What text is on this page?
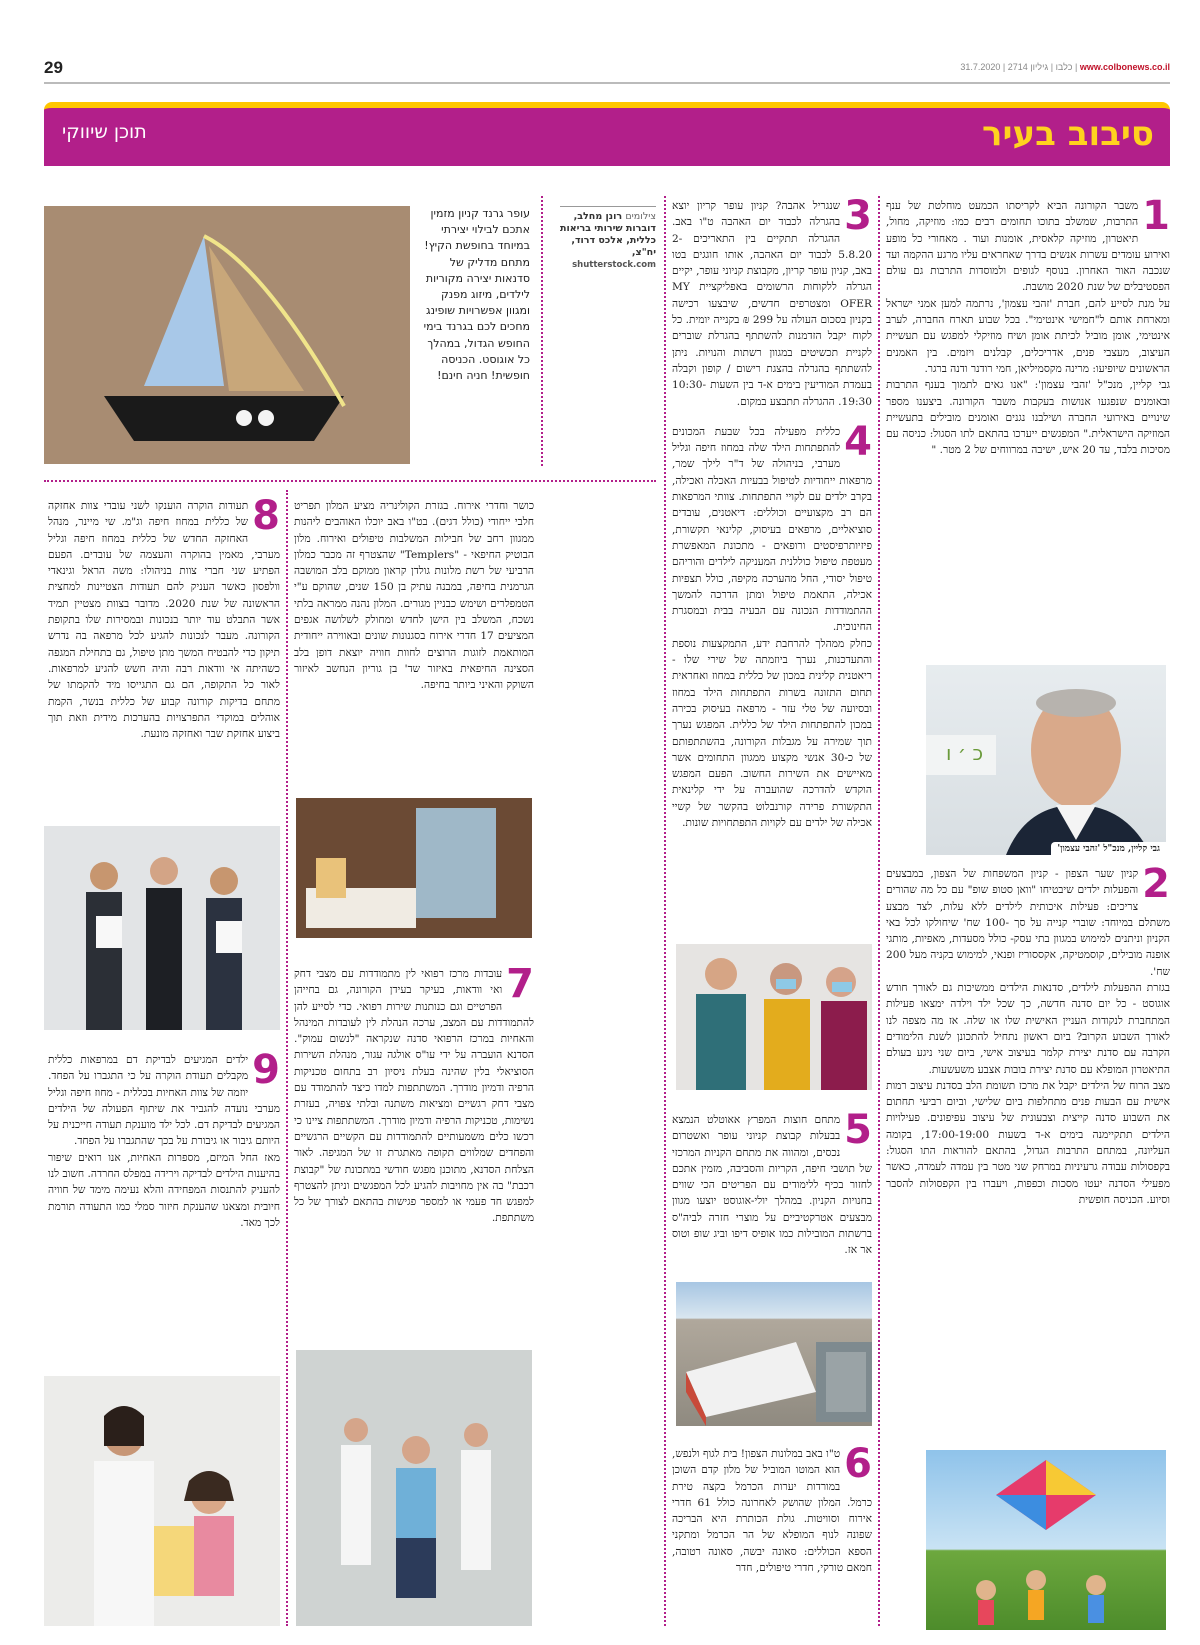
29	www.colbonews.co.il | כלבו | גיליון 2714 | 31.7.2020
סיבוב בעיר
תוכן שיווקי
1

משבר הקורונה הביא לקריסתו הכמעט מוחלטת של ענף התרבות, שמשלב בתוכו תחומים רבים כמו: מוזיקה, מחול, תיאטרון, מוזיקה קלאסית, אומנות ועוד . מאחורי כל מופע ואירוע עומדים עשרות אנשים בדרך שאחראים עליו מרגע ההקמה ועד שנכבה האור האחרון. בנוסף לגופים ולמוסדות התרבות גם עולם הפסטיבלים של שנת 2020 מושבת.

על מנת לסייע להם, חברת 'זהבי עצמון', נרתמה למען אמני ישראל ומארחת אותם ל"חמישי אינטימי". בכל שבוע תארח החברה, לערב אינטימי, אומן מוביל לכיתת אומן ושיח מוזיקלי למפגש עם תעשיית העיצוב, מעצבי פנים, אדריכלים, קבלנים ויזמים. בין האמנים הראשונים שיופיעו: מרינה מקסמיליאן, חמי רודנר ודנה ברגר.

גבי קליין, מנכ"ל 'זהבי עצמון': "אנו גאים לתמוך בענף התרבות ובאומנים שנפגעו אנושות בעקבות משבר הקורונה. ביצענו מספר שינויים באירועי החברה ושילבנו נגנים ואומנים מובילים בתעשיית המוזיקה הישראלית." המפגשים ייערכו בהתאם לתו הסגול: כניסה עם מסיכות בלבד, עד 20 איש, ישיבה במרווחים של 2 מטר. "

כ ׳ ו
גבי קליין, מנכ"ל 'זהבי עצמון'
2

קניון שער הצפון - קניון המשפחות של הצפון, במבצעים והפעלות ילדים שיבטיחו "וואן סטופ שופ" עם כל מה שהורים צריכים: פעילות איכותית לילדים ללא עלות, לצד מבצע משתלם במיוחד: שוברי קנייה על סך -100 שח' שיחולקו לכל באי הקניון וניתנים למימוש במגוון בתי עסק- כולל מסעדות, מאפיות, מותגי אופנה מובילים, קוסמטיקה, אקססוריז ופנאי, למימוש בקניה מעל 200 שח'.

בגזרת ההפעלות לילדים, סדנאות הילדים ממשיכות גם לאורך חודש אוגוסט - כל יום סדנה חדשה, כך שכל ילד וילדה ימצאו פעילות המתחברת לנקודות העניין האישית שלו או שלה. אז מה מצפה לנו לאורך השבוע הקרוב? ביום ראשון נתחיל להתכונן לשנת הלימודים הקרבה עם סדנת יצירת קלמר בעיצוב אישי, ביום שני ניגע בעולם התיאטרון המופלא עם סדנת יצירת בובות אצבע משעשעות.

מצב הרוח של הילדים יקבל את מרכז תשומת הלב בסדנת עיצוב רמות אישית עם הבעות פנים מתחלפות ביום שלישי, וביום רביעי תחתום את השבוע סדנה קייצית וצבעונית של עיצוב עפיפונים. פעילויות הילדים תתקיימנה בימים א-ד בשעות 17:00-19:00, בקומה העליונה, במתחם התרבות הגדול, בהתאם להוראות התו הסגול: בקפסולות עבודה גרעיניות במרחק שני מטר בין עמדה לעמדה, כאשר מפעילי הסדנה יעטו מסכות וכפפות, ויעברו בין הקפסולות להסבר וסיוע. הכניסה חופשית

3

שנגריל אהבה? קניון עופר קריון יוצא בהגרלה לכבוד יום האהבה ט"ו באב. ההגרלה תתקיים בין התאריכים 2-5.8.20 לכבוד יום האהבה, אותו חוגגים בטו באב, קניון עופר קריון, מקבוצת קניוני עופר, יקיים הגרלה ללקוחות הרשומים באפליקציית MY OFER ומצטרפים חדשים, שיבצעו רכישה בקניון בסכום העולה על 299 ₪ בקנייה יומית. כל לקוח יקבל הזדמנות להשתתף בהגרלת שוברים לקניית תכשיטים במגוון רשתות והנויות. ניתן להשתתף בהגרלה בהצגת רישום / קופון וקבלה בעמדת המודיעין בימים א-ד בין השעות 10:30-19:30. ההגרלה תתבצע במקום.

4

כללית מפעילה בכל שבעת המכונים להתפתחות הילד שלה במחוז חיפה וגליל מערבי, בניהולה של ד"ר לילך שמר, מרפאות ייחודיות לטיפול בבעיות האכלה ואכילה, בקרב ילדים עם לקויי התפתחות. צוותי המרפאות הם רב מקצועיים וכוללים: דיאטנים, עובדים סוציאליים, מרפאים בעיסוק, קלינאי תקשורת, פיזיותרפיסטים ורופאים - מתכונת המאפשרת מעטפת טיפול כוללנית המעניקה לילדים והוריהם טיפול יסודי, החל מהערכה מקיפה, כולל תצפיות אכילה, התאמת טיפול ומתן הדרכה להמשך ההתמודדות הנכונה עם הבעיה בבית ובמסגרת החינוכית.

כחלק ממהלך להרחבת ידע, התמקצעות נוספת והתעדכנות, נערך ביוזמתה של שירי שלו - ריאטנית קלינית במכון של כללית במחוז ואחראית תחום התזונה בשרות התפתחות הילד במחוז ובסיועה של טלי עזר - מרפאה בעיסוק בכירה במכון להתפתחות הילד של כללית. המפגש נערך תוך שמירה על מגבלות הקורונה, בהשתתפותם של כ-30 אנשי מקצוע ממגוון התחומים אשר מאיישים את השירות החשוב. הפעם המפגש הוקדש להדרכה שהועברה על ידי קלינאית התקשורת פרידה קורנבלוט בהקשר של קשיי אכילה של ילדים עם לקויות התפתחויות שונות.

5

מתחם חוצות המפרץ אאוטלט הנמצא בבעלות קבוצת קניוני עופר ואשטרום נכסים, ומהווה את מתחם הקניות המרכזי של תושבי חיפה, הקריות והסביבה, מזמין אתכם לחזור בכיף ללימודים עם הפריטים הכי שווים בחנויות הקניון. במהלך יולי-אוגוסט יוצעו מגוון מבצעים אטרקטיביים על מוצרי חזרה לביה"ס ברשתות המובילות כמו אופיס דיפו וביג שופ וטוס אר אז.

6

ט"ו באב במלונות הצפון! בית לגוף ולנפש, הוא המוטו המוביל של מלון קדם השוכן במורדות יערות הכרמל בקצה טירת כרמל. המלון שהושק לאחרונה כולל 61 חדרי אירוח וסוויטות. גולת הכותרת היא הבריכה שפונה לנוף המופלא של הר הכרמל ומתקני הספא הכוללים: סאונה יבשה, סאונה רטובה, חמאם טורקי, חדרי טיפולים, חדר

צילומים רונן מחלב, דוברות שירותי בריאות כללית, אלכס דרוד, יח"צ,
shutterstock.com
עופר גרנד קניון מזמין אתכם לבילוי יצירתי במיוחד בחופשת הקיץ! מתחם מדליק של סדנאות יצירה מקוריות לילדים, מיזוג מפנק ומגוון אפשרויות שופינג מחכים לכם בגרנד בימי החופש הגדול, במהלך כל אוגוסט. הכניסה חופשית! חניה חינם!

כושר וחדרי אירוח. בגזרת הקולינריה מציע המלון תפריט חלבי ייחודי (כולל דגים). בט"ו באב יוכלו האוהבים ליהנות ממגוון רחב של חבילות המשלבות טיפולים ואירוח. מלון הבוטיק החיפאי - "Templers" שהצטרף זה מכבר כמלון הרביעי של רשת מלונות גולדן קראון ממוקם בלב המושבה הגרמנית בחיפה, במבנה עתיק בן 150 שנים, שהוקם ע"י הטמפלרים ושימש כבניין מגורים. המלון נהנה ממראה בלתי נשכח, המשלב בין הישן לחדש ומחולק לשלושה אגפים המציעים 17 חדרי אירוח בסגנונות שונים ובאווירה ייחודית המותאמת לזוגות הרוצים לחוות חוויה יוצאת דופן בלב הסצינה החיפאית באיזור שד' בן גוריון הנחשב לאיזור השוקק והאיני ביותר בחיפה.

7

עובדות מרכז רפואי לין מתמודדות עם מצבי דחק ואי וודאות, בעיקר בעידן הקורונה, גם בחייהן הפרטיים וגם כנותנות שירות רפואי. כדי לסייע להן להתמודדות עם המצב, ערכה הנהלת לין לעובדות המינהל והאחיות במרכז הרפואי סדנה שנקראה "לנשום עמוק". הסדנא הועברה על ידי עו"ס אולגה עגור, מנהלת השירות הסוציאלי בלין שהינה בעלת ניסיון רב בתחום טכניקות הרפיה ודמיון מודרך. המשתתפות למדו כיצד להתמודד עם מצבי דחק רגשיים ומציאות משתנה ובלתי צפויה, בעזרת נשימות, טכניקות הרפיה ודמיון מודרך. המשתתפות ציינו כי רכשו כלים משמעותיים להתמודדות עם הקשיים הרגשיים והפחדים שמלווים תקופה מאתגרת זו של המגיפה. לאור הצלחת הסדנא, מתוכנן מפגש חודשי במתכונת של "קבוצת רכבת" בה אין מחויבות להגיע לכל המפגשים וניתן להצטרף למפגש חד פעמי או למספר פגישות בהתאם לצורך של כל משתתפת.

8

תעודות הוקרה הוענקו לשני עובדי צוות אחזקה של כללית במחוז חיפה וג"מ. שי מיינר, מנהל האחזקה החדש של כללית במחוז חיפה וגליל מערבי, מאמין בהוקרה והעצמה של עובדים. הפעם הפתיע שני חברי צוות בניהולו: משה הראל וגינאדי וולפסון כאשר העניק להם תעודות הצטיינות למחצית הראשונה של שנת 2020. מדובר בצוות מצטיין תמיד אשר התבלט עוד יותר בנכונות ובמסירות שלו בתקופת הקורונה. מעבר לנכונות להגיע לכל מרפאה בה נדרש תיקון כדי להבטיח המשך מתן טיפול, גם בתחילת המגפה כשהיתה אי וודאות רבה והיה חשש להגיע למרפאות. לאור כל התקופה, הם גם התגייסו מיד להקמתו של מתחם בדיקות קורונה קבוע של כללית בנשר, הקמת אוהלים במוקדי התפרצויות בהערכות מידית וזאת תוך ביצוע אחזקת שבר ואחזקה מונעת.

9

ילדים המגיעים לבדיקת דם במרפאות כללית מקבלים תעודת הוקרה על כי התגברו על הפחד. יוזמה של צוות האחיות בכללית - מחוז חיפה וגליל מערבי נועדה להגביר את שיתוף הפעולה של הילדים המגיעים לבדיקת דם. לכל ילד מוענקת תעודה חייכנית על היותם גיבור או גיבורת על בכך שהתגברו על הפחד.

מאז החל המיזם, מספרות האחיות, אנו רואים שיפור בהיענות הילדים לבדיקה וירידה במפלס החרדה. חשוב לנו להעניק להתנסות המפחידה והלא נעימה מימד של חוויה חיובית ומצאנו שהענקת חיזור סמלי כמו התעודה תורמת לכך מאד.
